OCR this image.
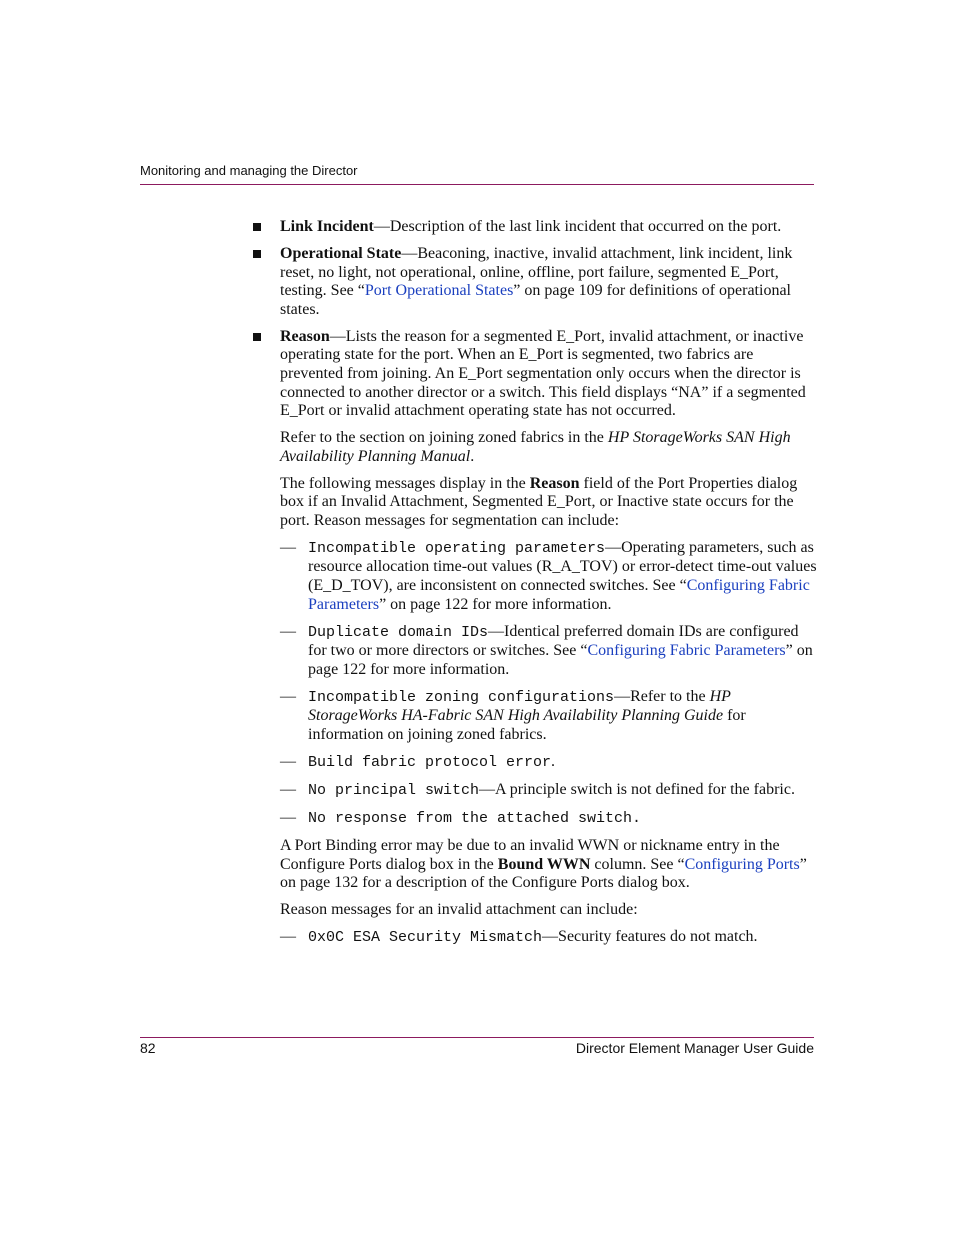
Monitoring and managing the Director
Link Incident—Description of the last link incident that occurred on the port.
Operational State—Beaconing, inactive, invalid attachment, link incident, link reset, no light, not operational, online, offline, port failure, segmented E_Port, testing. See “Port Operational States” on page 109 for definitions of operational states.
Reason—Lists the reason for a segmented E_Port, invalid attachment, or inactive operating state for the port. When an E_Port is segmented, two fabrics are prevented from joining. An E_Port segmentation only occurs when the director is connected to another director or a switch. This field displays “NA” if a segmented E_Port or invalid attachment operating state has not occurred.

Refer to the section on joining zoned fabrics in the HP StorageWorks SAN High Availability Planning Manual.

The following messages display in the Reason field of the Port Properties dialog box if an Invalid Attachment, Segmented E_Port, or Inactive state occurs for the port. Reason messages for segmentation can include:

— Incompatible operating parameters—Operating parameters, such as resource allocation time-out values (R_A_TOV) or error-detect time-out values (E_D_TOV), are inconsistent on connected switches. See “Configuring Fabric Parameters” on page 122 for more information.
— Duplicate domain IDs—Identical preferred domain IDs are configured for two or more directors or switches. See “Configuring Fabric Parameters” on page 122 for more information.
— Incompatible zoning configurations—Refer to the HP StorageWorks HA-Fabric SAN High Availability Planning Guide for information on joining zoned fabrics.
— Build fabric protocol error.
— No principal switch—A principle switch is not defined for the fabric.
— No response from the attached switch.

A Port Binding error may be due to an invalid WWN or nickname entry in the Configure Ports dialog box in the Bound WWN column. See “Configuring Ports” on page 132 for a description of the Configure Ports dialog box.

Reason messages for an invalid attachment can include:

— 0x0C ESA Security Mismatch—Security features do not match.
82	Director Element Manager User Guide
